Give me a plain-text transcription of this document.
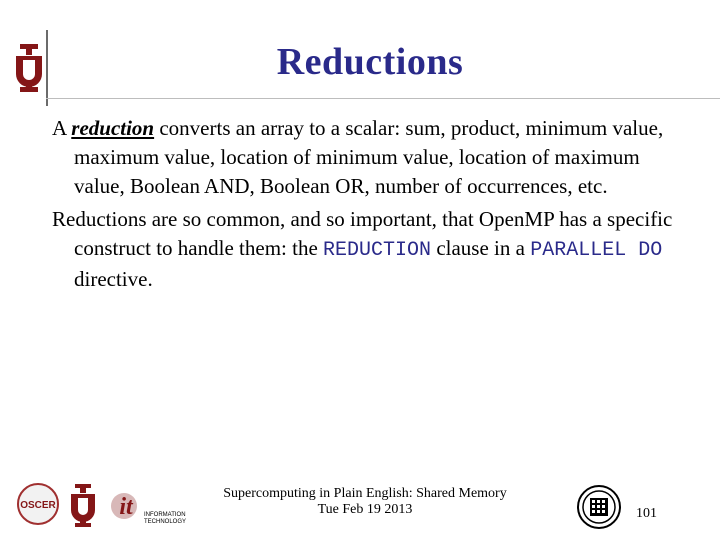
Reductions

A reduction converts an array to a scalar: sum, product, minimum value, maximum value, location of minimum value, location of maximum value, Boolean AND, Boolean OR, number of occurrences, etc.

Reductions are so common, and so important, that OpenMP has a specific construct to handle them: the REDUCTION clause in a PARALLEL DO directive.

OSCER	it INFORMATION
TECHNOLOGY
Supercomputing in Plain English: Shared Memory
Tue Feb 19 2013	101
